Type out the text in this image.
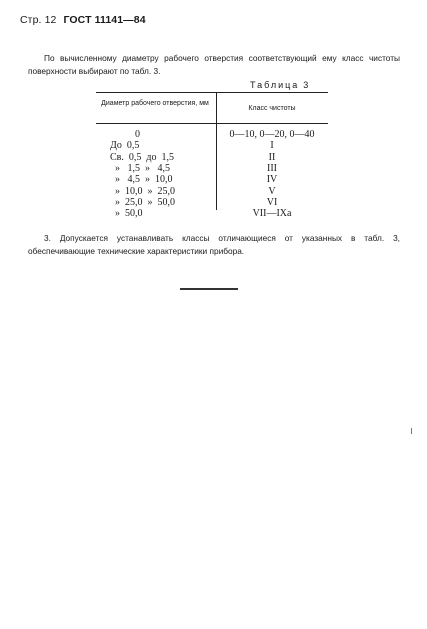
Стр. 12 ГОСТ 11141—84
По вычисленному диаметру рабочего отверстия соответствующий ему класс чистоты поверхности выбирают по табл. 3.
Таблица 3
Диаметр рабочего отверстия, мм
Класс чистоты
0	0—10, 0—20, 0—40
До  0,5	I
Св.  0,5  до  1,5	II
»   1,5  »   4,5	III
»   4,5  »  10,0	IV
»  10,0  »  25,0	V
»  25,0  »  50,0	VI
»  50,0	VII—IXa
3. Допускается устанавливать классы отличающиеся от указанных в табл. 3, обеспечивающие технические характеристики прибора.
